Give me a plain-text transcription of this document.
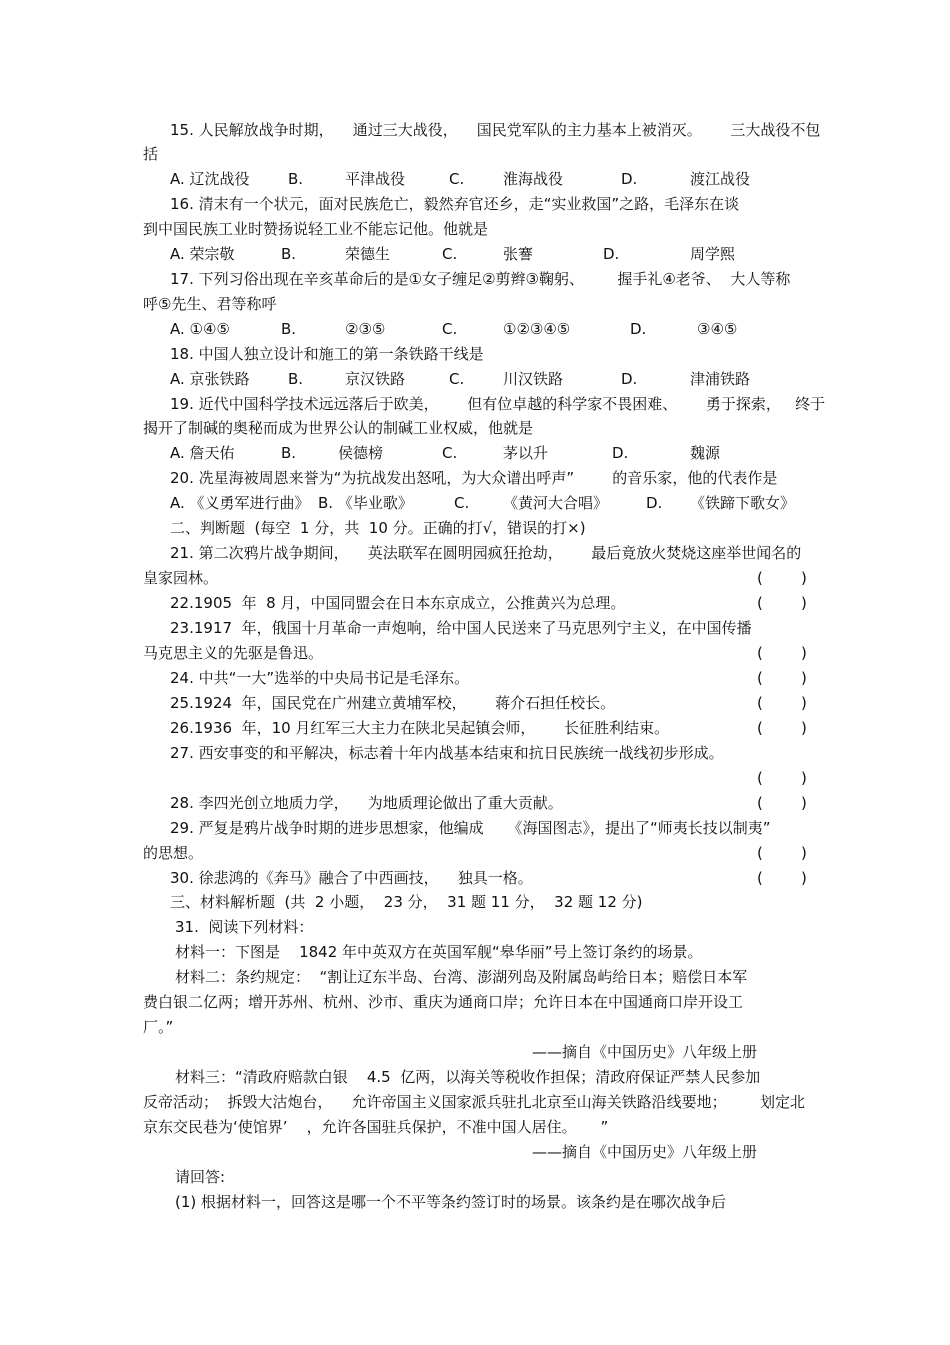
15. 人民解放战争时期，    通过三大战役，    国民党军队的主力基本上被消灭。      三大战役不包
括
A. 辽沈战役	B.	平津战役	C.	淮海战役	D.	渡江战役
16. 清末有一个状元，面对民族危亡，毅然弃官还乡，走“实业救国”之路，毛泽东在谈
到中国民族工业时赞扬说轻工业不能忘记他。他就是
A. 荣宗敬	B.	荣德生	C.	张謇	D.	周学熙
17. 下列习俗出现在辛亥革命后的是①女子缠足②剪辫③鞠躬、       握手礼④老爷、  大人等称
呼⑤先生、君等称呼
A. ①④⑤	B.	②③⑤	C.	①②③④⑤	D.	③④⑤
18. 中国人独立设计和施工的第一条铁路干线是
A. 京张铁路	B.	京汉铁路	C.	川汉铁路	D.	津浦铁路
19. 近代中国科学技术远远落后于欧美，      但有位卓越的科学家不畏困难、      勇于探索，   终于
揭开了制碱的奥秘而成为世界公认的制碱工业权威，他就是
A. 詹天佑	B.	侯德榜	C.	茅以升	D.	魏源
20. 冼星海被周恩来誉为“为抗战发出怒吼，为大众谱出呼声”        的音乐家，他的代表作是
A. 《义勇军进行曲》 B. 《毕业歌》	C. 《黄河大合唱》	D. 《铁蹄下歌女》
二、判断题  (每空  1 分，共  10 分。正确的打√，错误的打×)
21. 第二次鸦片战争期间，    英法联军在圆明园疯狂抢劫，      最后竟放火焚烧这座举世闻名的
皇家园林。	(        )
22.1905  年  8 月，中国同盟会在日本东京成立，公推黄兴为总理。	(        )
23.1917  年，俄国十月革命一声炮响，给中国人民送来了马克思列宁主义，在中国传播
马克思主义的先驱是鲁迅。	(        )
24. 中共“一大”选举的中央局书记是毛泽东。	(        )
25.1924  年，国民党在广州建立黄埔军校，      蒋介石担任校长。	(        )
26.1936  年，10 月红军三大主力在陕北吴起镇会师，      长征胜利结束。	(        )
27. 西安事变的和平解决，标志着十年内战基本结束和抗日民族统一战线初步形成。
(        )
28. 李四光创立地质力学，    为地质理论做出了重大贡献。	(        )
29. 严复是鸦片战争时期的进步思想家，他编成     《海国图志》，提出了“师夷长技以制夷”
的思想。	(        )
30. 徐悲鸿的《奔马》融合了中西画技，    独具一格。	(        )
三、材料解析题  (共  2 小题，  23 分，  31 题 11 分，  32 题 12 分)
31.  阅读下列材料：
材料一：下图是    1842 年中英双方在英国军舰“皋华丽”号上签订条约的场景。
材料二：条约规定：  “割让辽东半岛、台湾、澎湖列岛及附属岛屿给日本；赔偿日本军
费白银二亿两；增开苏州、杭州、沙市、重庆为通商口岸；允许日本在中国通商口岸开设工
厂。”
——摘自《中国历史》八年级上册
材料三：“清政府赔款白银    4.5  亿两，以海关等税收作担保；清政府保证严禁人民参加
反帝活动；  拆毁大沽炮台，    允许帝国主义国家派兵驻扎北京至山海关铁路沿线要地；       划定北
京东交民巷为‘使馆界’    ，允许各国驻兵保护，不准中国人居住。     ”
——摘自《中国历史》八年级上册
请回答:
(1) 根据材料一，回答这是哪一个不平等条约签订时的场景。该条约是在哪次战争后
